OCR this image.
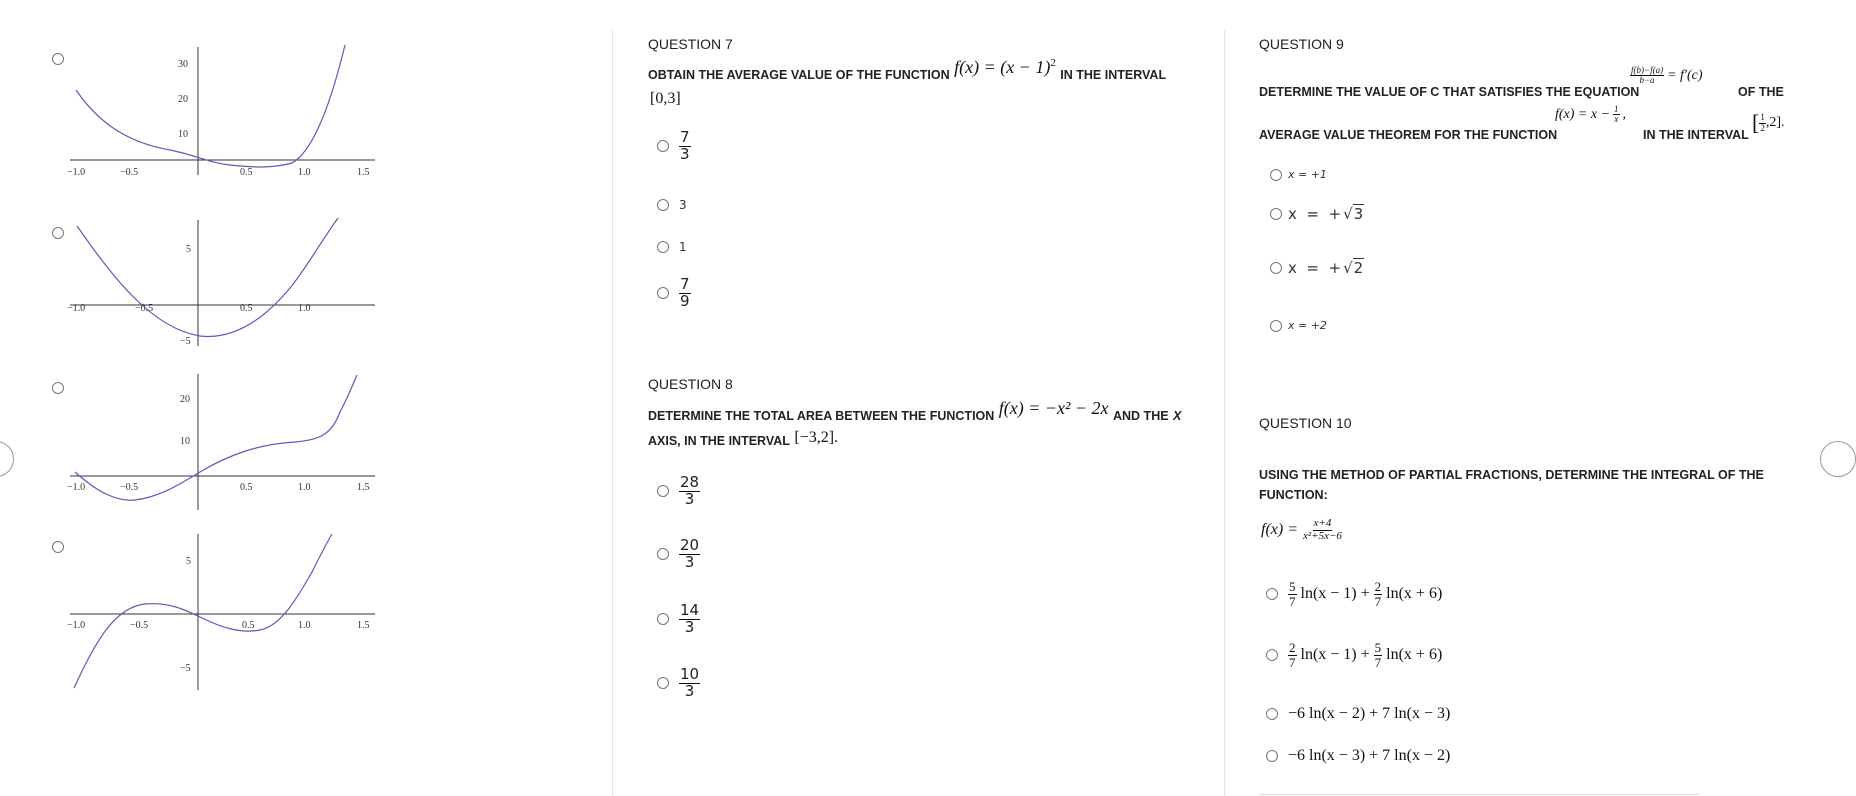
30
20
10
−1.0	−0.5	0.5	1.0	1.5
5
−5
−1.0	−0.5	0.5	1.0
20
10
−1.0	−0.5	0.5	1.0	1.5
5
−5
−1.0	−0.5	0.5	1.0	1.5
QUESTION 7
OBTAIN THE AVERAGE VALUE OF THE FUNCTION $f(x) = (x - 1)^2$ IN THE INTERVAL
[0,3]
$\frac{7}{3}$
3
1
$\frac{7}{9}$
QUESTION 8
DETERMINE THE TOTAL AREA BETWEEN THE FUNCTION f(x) = −x² − 2x AND THE X
AXIS, IN THE INTERVAL [−3,2].
$\frac{28}{3}$
$\frac{20}{3}$
$\frac{14}{3}$
$\frac{10}{3}$
QUESTION 9
DETERMINE THE VALUE OF C THAT SATISFIES THE EQUATION
$\frac{f(b)-f(a)}{b-a} = f'(c)$
OF THE
AVERAGE VALUE THEOREM FOR THE FUNCTION
$f(x) = x - \frac{1}{x}$ ,
IN THE INTERVAL [ $\frac{1}{2} ,2$].
x = +1
x  =  + √3
x  =  + √2
x = +2
QUESTION 10
USING THE METHOD OF PARTIAL FRACTIONS, DETERMINE THE INTEGRAL OF THE
FUNCTION:
$f(x) = \frac{x+4}{\text{x²+5x−6}}$
$\frac{5}{7} \ln(x - 1) + \frac{2}{7} \ln(x + 6)$
$\frac{2}{7} \ln(x - 1) + \frac{5}{7} \ln(x + 6)$
−6 ln(x − 2) + 7 ln(x − 3)
−6 ln(x − 3) + 7 ln(x − 2)
